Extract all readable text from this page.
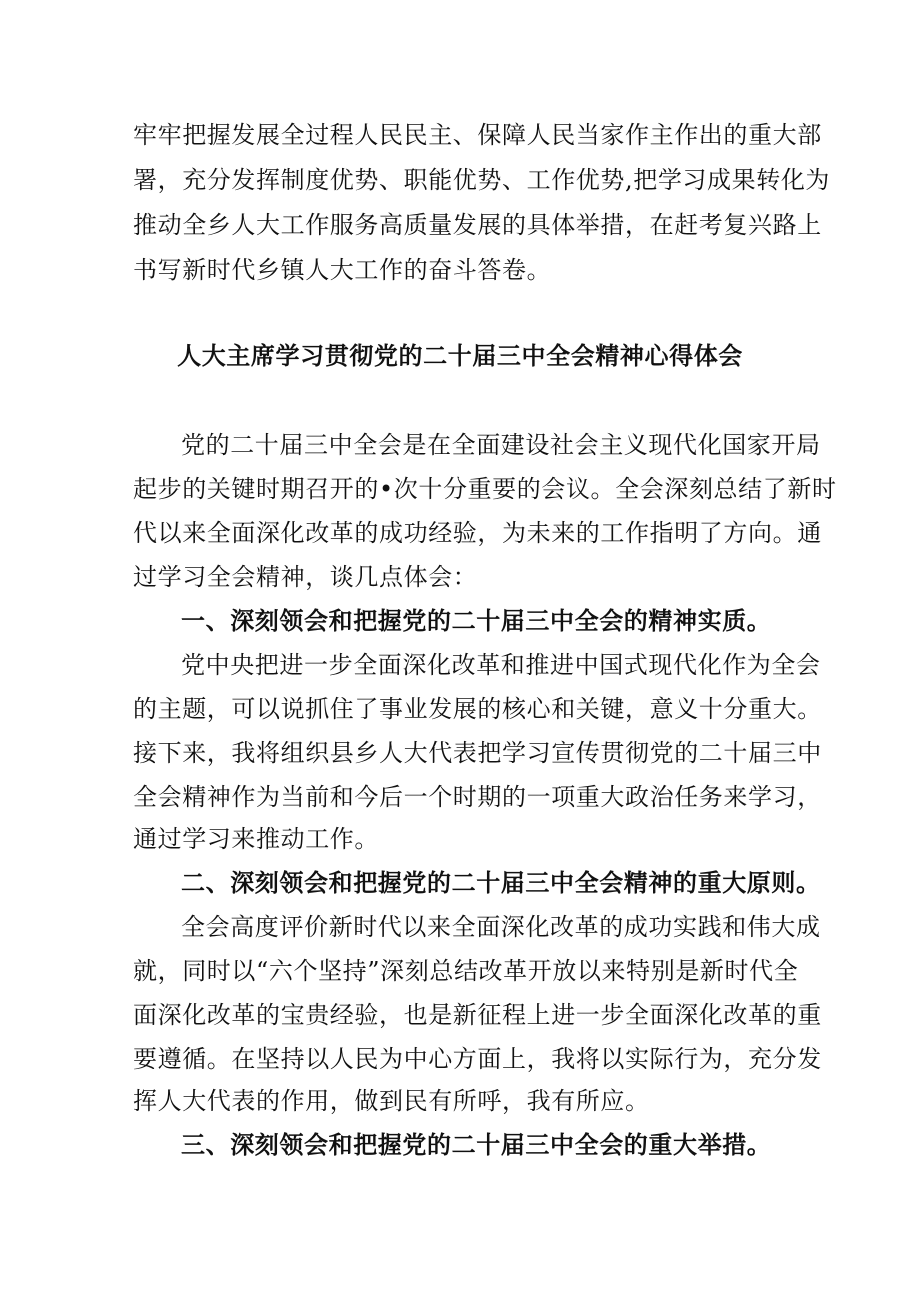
牢牢把握发展全过程人民民主、保障人民当家作主作出的重大部
署，充分发挥制度优势、职能优势、工作优势,把学习成果转化为
推动全乡人大工作服务高质量发展的具体举措，在赶考复兴路上
书写新时代乡镇人大工作的奋斗答卷。
人大主席学习贯彻党的二十届三中全会精神心得体会
党的二十届三中全会是在全面建设社会主义现代化国家开局
起步的关键时期召开的•次十分重要的会议。全会深刻总结了新时
代以来全面深化改革的成功经验，为未来的工作指明了方向。通
过学习全会精神，谈几点体会：
一、深刻领会和把握党的二十届三中全会的精神实质。
党中央把进一步全面深化改革和推进中国式现代化作为全会
的主题，可以说抓住了事业发展的核心和关键，意义十分重大。
接下来，我将组织县乡人大代表把学习宣传贯彻党的二十届三中
全会精神作为当前和今后一个时期的一项重大政治任务来学习，
通过学习来推动工作。
二、深刻领会和把握党的二十届三中全会精神的重大原则。
全会高度评价新时代以来全面深化改革的成功实践和伟大成
就，同时以“六个坚持”深刻总结改革开放以来特别是新时代全
面深化改革的宝贵经验，也是新征程上进一步全面深化改革的重
要遵循。在坚持以人民为中心方面上，我将以实际行为，充分发
挥人大代表的作用，做到民有所呼，我有所应。
三、深刻领会和把握党的二十届三中全会的重大举措。
